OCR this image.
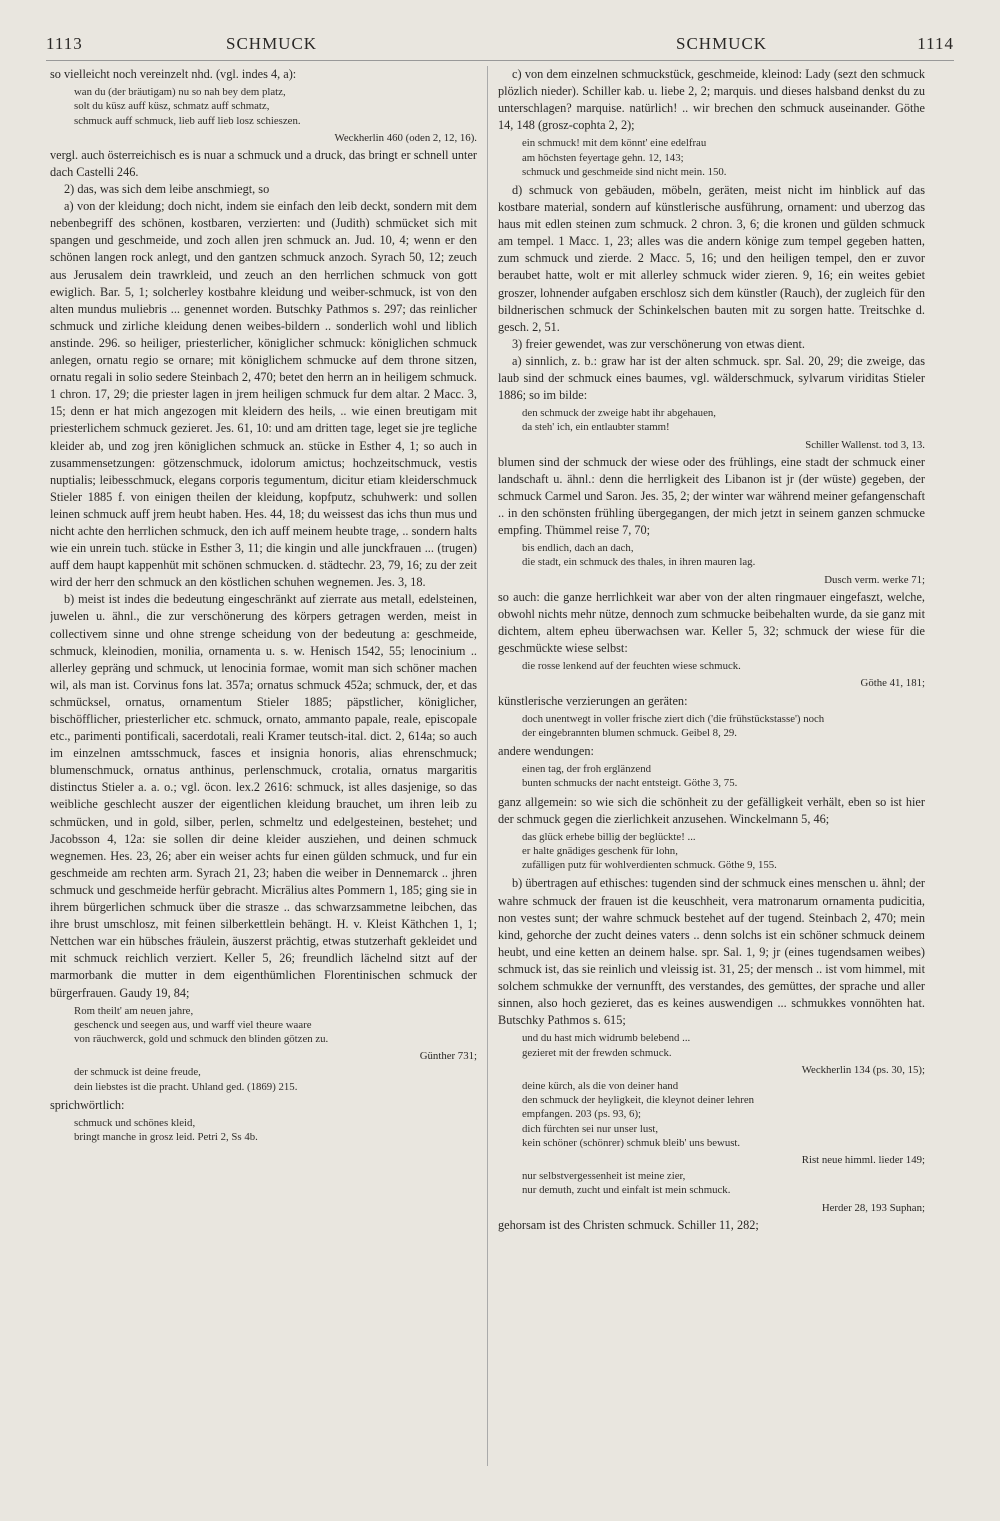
1113	SCHMUCK	SCHMUCK	1114
so vielleicht noch vereinzelt nhd. (vgl. indes 4, a):
wan du (der bräutigam) nu so nah bey dem platz,
solt du küsz auff küsz, schmatz auff schmatz,
schmuck auff schmuck, lieb auff lieb losz schieszen.
Weckherlin 460 (oden 2, 12, 16).
vergl. auch österreichisch es is nuar a schmuck und a druck, das bringt er schnell unter dach Castelli 246.
2) das, was sich dem leibe anschmiegt, so
a) von der kleidung; doch nicht, indem sie einfach den leib deckt, sondern mit dem nebenbegriff des schönen, kostbaren, verzierten: und (Judith) schmücket sich mit spangen und geschmeide, und zoch allen jren schmuck an. Jud. 10, 4; wenn er den schönen langen rock anlegt, und den gantzen schmuck anzoch. Syrach 50, 12; zeuch aus Jerusalem dein trawrkleid, und zeuch an den herrlichen schmuck von gott ewiglich. Bar. 5, 1; solcherley kostbahre kleidung und weiber-schmuck, ist von den alten mundus muliebris ... genennet worden. Butschky Pathmos s. 297; das reinlicher schmuck und zirliche kleidung denen weibes-bildern .. sonderlich wohl und liblich anstinde. 296. so heiliger, priesterlicher, königlicher schmuck: königlichen schmuck anlegen, ornatu regio se ornare; mit königlichem schmucke auf dem throne sitzen, ornatu regali in solio sedere Steinbach 2, 470; betet den herrn an in heiligem schmuck. 1 chron. 17, 29; die priester lagen in jrem heiligen schmuck fur dem altar. 2 Macc. 3, 15; denn er hat mich angezogen mit kleidern des heils, .. wie einen breutigam mit priesterlichem schmuck gezieret. Jes. 61, 10: und am dritten tage, leget sie jre tegliche kleider ab, und zog jren königlichen schmuck an. stücke in Esther 4, 1; so auch in zusammensetzungen: götzenschmuck, idolorum amictus; hochzeitschmuck, vestis nuptialis; leibesschmuck, elegans corporis tegumentum, dicitur etiam kleiderschmuck Stieler 1885 f. von einigen theilen der kleidung, kopfputz, schuhwerk: und sollen leinen schmuck auff jrem heubt haben. Hes. 44, 18; du weissest das ichs thun mus und nicht achte den herrlichen schmuck, den ich auff meinem heubte trage, .. sondern halts wie ein unrein tuch. stücke in Esther 3, 11; die kingin und alle junckfrauen ... (trugen) auff dem haupt kappenhüt mit schönen schmucken. d. städtechr. 23, 79, 16; zu der zeit wird der herr den schmuck an den köstlichen schuhen wegnemen. Jes. 3, 18.
b) meist ist indes die bedeutung eingeschränkt auf zierrate aus metall, edelsteinen, juwelen u. ähnl., die zur verschönerung des körpers getragen werden, meist in collectivem sinne und ohne strenge scheidung von der bedeutung a: geschmeide, schmuck, kleinodien, monilia, ornamenta u. s. w. Henisch 1542, 55; lenocinium .. allerley gepräng und schmuck, ut lenocinia formae, womit man sich schöner machen wil, als man ist. Corvinus fons lat. 357a; ornatus schmuck 452a; schmuck, der, et das schmücksel, ornatus, ornamentum Stieler 1885; päpstlicher, königlicher, bischöfflicher, priesterlicher etc. schmuck, ornato, ammanto papale, reale, episcopale etc., parimenti pontificali, sacerdotali, reali Kramer teutsch-ital. dict. 2, 614a; so auch im einzelnen amtsschmuck, fasces et insignia honoris, alias ehrenschmuck; blumenschmuck, ornatus anthinus, perlenschmuck, crotalia, ornatus margaritis distinctus Stieler a. a. o.; vgl. öcon. lex.2 2616: schmuck, ist alles dasjenige, so das weibliche geschlecht auszer der eigentlichen kleidung brauchet, um ihren leib zu schmücken, und in gold, silber, perlen, schmeltz und edelgesteinen, bestehet; und Jacobsson 4, 12a: sie sollen dir deine kleider ausziehen, und deinen schmuck wegnemen. Hes. 23, 26; aber ein weiser achts fur einen gülden schmuck, und fur ein geschmeide am rechten arm. Syrach 21, 23; haben die weiber in Dennemarck .. jhren schmuck und geschmeide herfür gebracht. Micrälius altes Pommern 1, 185; ging sie in ihrem bürgerlichen schmuck über die strasze .. das schwarzsammetne leibchen, das ihre brust umschlosz, mit feinen silberkettlein behängt. H. v. Kleist Käthchen 1, 1; Nettchen war ein hübsches fräulein, äuszerst prächtig, etwas stutzerhaft gekleidet und mit schmuck reichlich verziert. Keller 5, 26; freundlich lächelnd sitzt auf der marmorbank die mutter in dem eigenthümlichen Florentinischen schmuck der bürgerfrauen. Gaudy 19, 84;
Rom theilt' am neuen jahre,
geschenck und seegen aus, und warff viel theure waare
von räuchwerck, gold und schmuck den blinden götzen zu.
Günther 731;
der schmuck ist deine freude,
dein liebstes ist die pracht. Uhland ged. (1869) 215.
sprichwörtlich:
schmuck und schönes kleid,
bringt manche in grosz leid. Petri 2, Ss 4b.
c) von dem einzelnen schmuckstück, geschmeide, kleinod: Lady (sezt den schmuck plözlich nieder). Schiller kab. u. liebe 2, 2; marquis. und dieses halsband denkst du zu unterschlagen? marquise. natürlich! .. wir brechen den schmuck auseinander. Göthe 14, 148 (grosz-cophta 2, 2);
ein schmuck! mit dem könnt' eine edelfrau
am höchsten feyertage gehn. 12, 143;
schmuck und geschmeide sind nicht mein. 150.
d) schmuck von gebäuden, möbeln, geräten, meist nicht im hinblick auf das kostbare material, sondern auf künstlerische ausführung, ornament: und uberzog das haus mit edlen steinen zum schmuck. 2 chron. 3, 6; die kronen und gülden schmuck am tempel. 1 Macc. 1, 23; alles was die andern könige zum tempel gegeben hatten, zum schmuck und zierde. 2 Macc. 5, 16; und den heiligen tempel, den er zuvor beraubet hatte, wolt er mit allerley schmuck wider zieren. 9, 16; ein weites gebiet groszer, lohnender aufgaben erschlosz sich dem künstler (Rauch), der zugleich für den bildnerischen schmuck der Schinkelschen bauten mit zu sorgen hatte. Treitschke d. gesch. 2, 51.
3) freier gewendet, was zur verschönerung von etwas dient.
a) sinnlich, z. b.: graw har ist der alten schmuck. spr. Sal. 20, 29; die zweige, das laub sind der schmuck eines baumes, vgl. wälderschmuck, sylvarum viriditas Stieler 1886; so im bilde:
den schmuck der zweige habt ihr abgehauen,
da steh' ich, ein entlaubter stamm!
Schiller Wallenst. tod 3, 13.
blumen sind der schmuck der wiese oder des frühlings, eine stadt der schmuck einer landschaft u. ähnl.: denn die herrligkeit des Libanon ist jr (der wüste) gegeben, der schmuck Carmel und Saron. Jes. 35, 2; der winter war während meiner gefangenschaft .. in den schönsten frühling übergegangen, der mich jetzt in seinem ganzen schmucke empfing. Thümmel reise 7, 70;
bis endlich, dach an dach,
die stadt, ein schmuck des thales, in ihren mauren lag.
Dusch verm. werke 71;
so auch: die ganze herrlichkeit war aber von der alten ringmauer eingefaszt, welche, obwohl nichts mehr nütze, dennoch zum schmucke beibehalten wurde, da sie ganz mit dichtem, altem epheu überwachsen war. Keller 5, 32; schmuck der wiese für die geschmückte wiese selbst:
die rosse lenkend auf der feuchten wiese schmuck.
Göthe 41, 181;
künstlerische verzierungen an geräten:
doch unentwegt in voller frische ziert dich ('die frühstückstasse') noch
der eingebrannten blumen schmuck. Geibel 8, 29.
andere wendungen:
einen tag, der froh erglänzend
bunten schmucks der nacht entsteigt. Göthe 3, 75.
ganz allgemein: so wie sich die schönheit zu der gefälligkeit verhält, eben so ist hier der schmuck gegen die zierlichkeit anzusehen. Winckelmann 5, 46;
das glück erhebe billig der beglückte! ...
er halte gnädiges geschenk für lohn,
zufälligen putz für wohlverdienten schmuck. Göthe 9, 155.
b) übertragen auf ethisches: tugenden sind der schmuck eines menschen u. ähnl; der wahre schmuck der frauen ist die keuschheit, vera matronarum ornamenta pudicitia, non vestes sunt; der wahre schmuck bestehet auf der tugend. Steinbach 2, 470; mein kind, gehorche der zucht deines vaters .. denn solchs ist ein schöner schmuck deinem heubt, und eine ketten an deinem halse. spr. Sal. 1, 9; jr (eines tugendsamen weibes) schmuck ist, das sie reinlich und vleissig ist. 31, 25; der mensch .. ist vom himmel, mit solchem schmukke der vernunfft, des verstandes, des gemüttes, der sprache und aller sinnen, also hoch gezieret, das es keines auswendigen ... schmukkes vonnöhten hat. Butschky Pathmos s. 615;
und du hast mich widrumb belebend ...
gezieret mit der frewden schmuck.
Weckherlin 134 (ps. 30, 15);
deine kürch, als die von deiner hand
den schmuck der heyligkeit, die kleynot deiner lehren
empfangen. 203 (ps. 93, 6);
dich fürchten sei nur unser lust,
kein schöner (schönrer) schmuk bleib' uns bewust.
Rist neue himml. lieder 149;
nur selbstvergessenheit ist meine zier,
nur demuth, zucht und einfalt ist mein schmuck.
Herder 28, 193 Suphan;
gehorsam ist des Christen schmuck. Schiller 11, 282;
